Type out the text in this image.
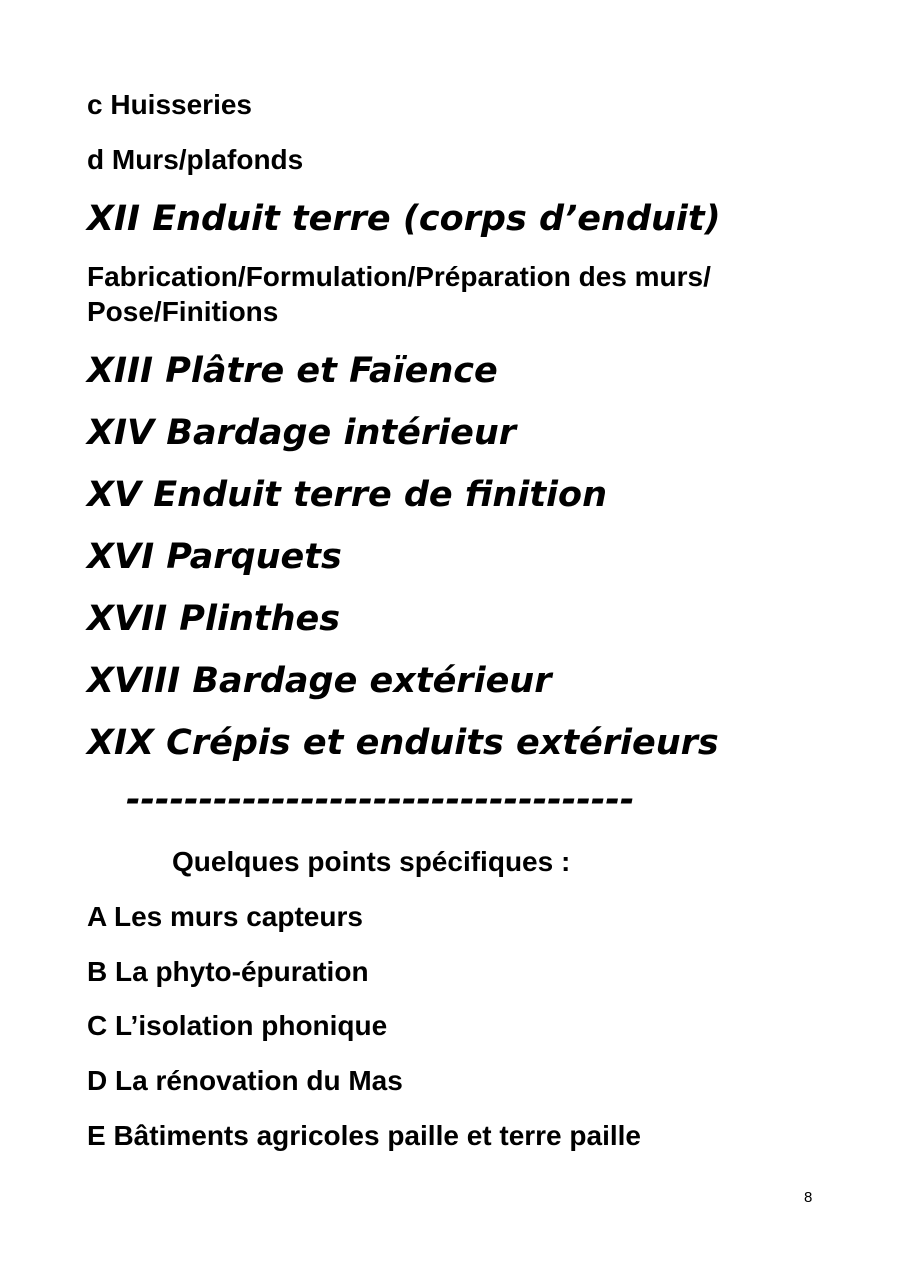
c Huisseries

d Murs/plafonds

XII Enduit terre (corps d’enduit)

Fabrication/Formulation/Préparation des murs/

Pose/Finitions

XIII Plâtre et Faïence

XIV Bardage intérieur

XV Enduit terre de finition

XVI Parquets

XVII Plinthes

XVIII Bardage extérieur

XIX Crépis et enduits extérieurs

-----------------------------------

Quelques points spécifiques :

A Les murs capteurs

B La phyto-épuration

C L’isolation phonique

D La rénovation du Mas

E Bâtiments agricoles paille et terre paille

8
